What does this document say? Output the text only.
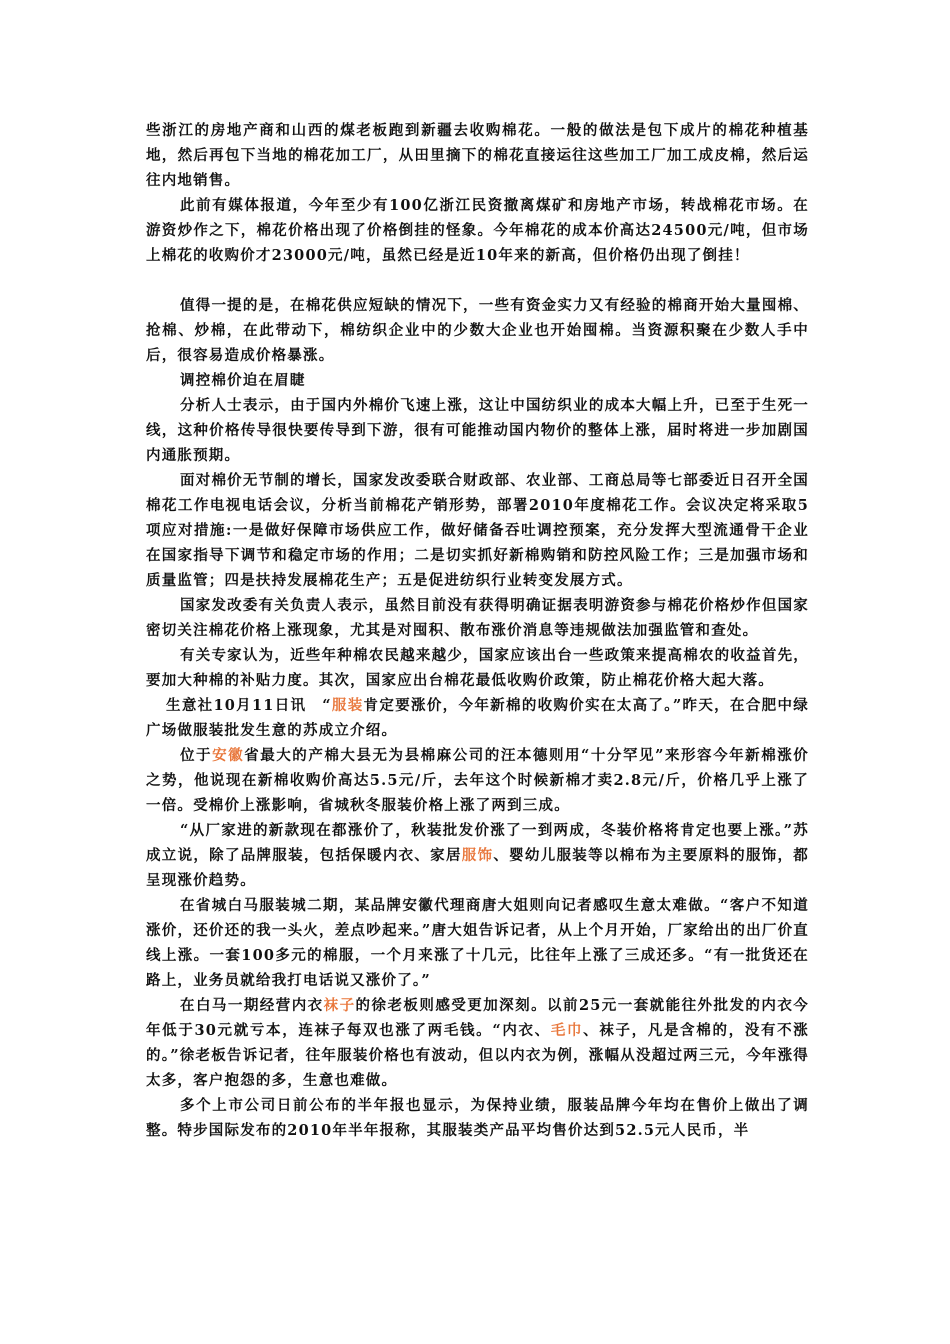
些浙江的房地产商和山西的煤老板跑到新疆去收购棉花。一般的做法是包下成片的棉花种植基地，然后再包下当地的棉花加工厂，从田里摘下的棉花直接运往这些加工厂加工成皮棉，然后运往内地销售。

此前有媒体报道，今年至少有100亿浙江民资撤离煤矿和房地产市场，转战棉花市场。在游资炒作之下，棉花价格出现了价格倒挂的怪象。今年棉花的成本价高达24500元/吨，但市场上棉花的收购价才23000元/吨，虽然已经是近10年来的新高，但价格仍出现了倒挂！

值得一提的是，在棉花供应短缺的情况下，一些有资金实力又有经验的棉商开始大量囤棉、抢棉、炒棉，在此带动下，棉纺织企业中的少数大企业也开始囤棉。当资源积聚在少数人手中后，很容易造成价格暴涨。

调控棉价迫在眉睫

分析人士表示，由于国内外棉价飞速上涨，这让中国纺织业的成本大幅上升，已至于生死一线，这种价格传导很快要传导到下游，很有可能推动国内物价的整体上涨，届时将进一步加剧国内通胀预期。

面对棉价无节制的增长，国家发改委联合财政部、农业部、工商总局等七部委近日召开全国棉花工作电视电话会议，分析当前棉花产销形势，部署2010年度棉花工作。会议决定将采取5项应对措施:一是做好保障市场供应工作，做好储备吞吐调控预案，充分发挥大型流通骨干企业在国家指导下调节和稳定市场的作用；二是切实抓好新棉购销和防控风险工作；三是加强市场和质量监管；四是扶持发展棉花生产；五是促进纺织行业转变发展方式。

国家发改委有关负责人表示，虽然目前没有获得明确证据表明游资参与棉花价格炒作但国家密切关注棉花价格上涨现象，尤其是对囤积、散布涨价消息等违规做法加强监管和查处。

有关专家认为，近些年种棉农民越来越少，国家应该出台一些政策来提高棉农的收益首先，要加大种棉的补贴力度。其次，国家应出台棉花最低收购价政策，防止棉花价格大起大落。

生意社10月11日讯　“服装肯定要涨价，今年新棉的收购价实在太高了。”昨天，在合肥中绿广场做服装批发生意的苏成立介绍。

位于安徽省最大的产棉大县无为县棉麻公司的汪本德则用“十分罕见”来形容今年新棉涨价之势，他说现在新棉收购价高达5.5元/斤，去年这个时候新棉才卖2.8元/斤，价格几乎上涨了一倍。受棉价上涨影响，省城秋冬服装价格上涨了两到三成。

“从厂家进的新款现在都涨价了，秋装批发价涨了一到两成，冬装价格将肯定也要上涨。”苏成立说，除了品牌服装，包括保暖内衣、家居服饰、婴幼儿服装等以棉布为主要原料的服饰，都呈现涨价趋势。

在省城白马服装城二期，某品牌安徽代理商唐大姐则向记者感叹生意太难做。“客户不知道涨价，还价还的我一头火，差点吵起来。”唐大姐告诉记者，从上个月开始，厂家给出的出厂价直线上涨。一套100多元的棉服，一个月来涨了十几元，比往年上涨了三成还多。“有一批货还在路上，业务员就给我打电话说又涨价了。”

在白马一期经营内衣袜子的徐老板则感受更加深刻。以前25元一套就能往外批发的内衣今年低于30元就亏本，连袜子每双也涨了两毛钱。“内衣、毛巾、袜子，凡是含棉的，没有不涨的。”徐老板告诉记者，往年服装价格也有波动，但以内衣为例，涨幅从没超过两三元，今年涨得太多，客户抱怨的多，生意也难做。

多个上市公司日前公布的半年报也显示，为保持业绩，服装品牌今年均在售价上做出了调整。特步国际发布的2010年半年报称，其服装类产品平均售价达到52.5元人民币，半
